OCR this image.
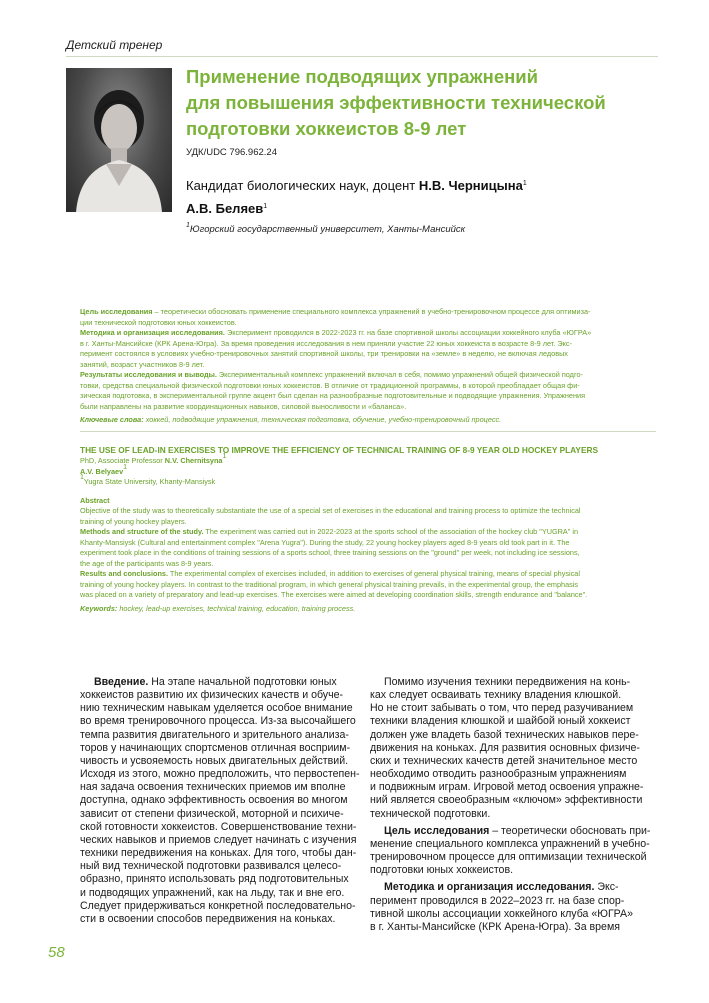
Детский тренер
Применение подводящих упражнений
для повышения эффективности технической
подготовки хоккеистов 8-9 лет
УДК/UDC 796.962.24
Кандидат биологических наук, доцент Н.В. Черницына$^1$
А.В. Беляев$^1$
$^1$Югорский государственный университет, Ханты-Мансийск
Цель исследования – теоретически обосновать применение специального комплекса упражнений в учебно-тренировочном процессе для оптимиза-
ции технической подготовки юных хоккеистов.
Методика и организация исследования. Эксперимент проводился в 2022-2023 гг. на базе спортивной школы ассоциации хоккейного клуба «ЮГРА»
в г. Ханты-Мансийске (КРК Арена-Югра). За время проведения исследования в нем приняли участие 22 юных хоккеиста в возрасте 8-9 лет. Экс-
перимент состоялся в условиях учебно-тренировочных занятий спортивной школы, три тренировки на «земле» в неделю, не включая ледовых
занятий, возраст участников 8-9 лет.
Результаты исследования и выводы. Экспериментальный комплекс упражнений включал в себя, помимо упражнений общей физической подго-
товки, средства специальной физической подготовки юных хоккеистов. В отличие от традиционной программы, в которой преобладает общая фи-
зическая подготовка, в экспериментальной группе акцент был сделан на разнообразные подготовительные и подводящие упражнения. Упражнения
были направлены на развитие координационных навыков, силовой выносливости и «баланса».
Ключевые слова: хоккей, подводящие упражнения, техническая подготовка, обучение, учебно-тренировочный процесс.
THE USE OF LEAD-IN EXERCISES TO IMPROVE THE EFFICIENCY OF TECHNICAL TRAINING OF 8-9 YEAR OLD HOCKEY PLAYERS
PhD, Associate Professor N.V. Chernitsyna$^1$
A.V. Belyaev$^1$
$^1$Yugra State University, Khanty-Mansiysk
Abstract
Objective of the study was to theoretically substantiate the use of a special set of exercises in the educational and training process to optimize the technical
training of young hockey players.
Methods and structure of the study. The experiment was carried out in 2022-2023 at the sports school of the association of the hockey club "YUGRA" in
Khanty-Mansiysk (Cultural and entertainment complex "Arena Yugra"). During the study, 22 young hockey players aged 8-9 years old took part in it. The
experiment took place in the conditions of training sessions of a sports school, three training sessions on the "ground" per week, not including ice sessions,
the age of the participants was 8-9 years.
Results and conclusions. The experimental complex of exercises included, in addition to exercises of general physical training, means of special physical
training of young hockey players. In contrast to the traditional program, in which general physical training prevails, in the experimental group, the emphasis
was placed on a variety of preparatory and lead-up exercises. The exercises were aimed at developing coordination skills, strength endurance and "balance".
Keywords: hockey, lead-up exercises, technical training, education, training process.
Введение. На этапе начальной подготовки юных
хоккеистов развитию их физических качеств и обуче-
нию техническим навыкам уделяется особое внимание
во время тренировочного процесса. Из-за высочайшего
темпа развития двигательного и зрительного анализа-
торов у начинающих спортсменов отличная восприим-
чивость и усвояемость новых двигательных действий.
Исходя из этого, можно предположить, что первостепен-
ная задача освоения технических приемов им вполне
доступна, однако эффективность освоения во многом
зависит от степени физической, моторной и психиче-
ской готовности хоккеистов. Совершенствование техни-
ческих навыков и приемов следует начинать с изучения
техники передвижения на коньках. Для того, чтобы дан-
ный вид технической подготовки развивался целесо-
образно, принято использовать ряд подготовительных
и подводящих упражнений, как на льду, так и вне его.
Следует придерживаться конкретной последовательно-
сти в освоении способов передвижения на коньках.
Помимо изучения техники передвижения на конь-
ках следует осваивать технику владения клюшкой.
Но не стоит забывать о том, что перед разучиванием
техники владения клюшкой и шайбой юный хоккеист
должен уже владеть базой технических навыков пере-
движения на коньках. Для развития основных физиче-
ских и технических качеств детей значительное место
необходимо отводить разнообразным упражнениям
и подвижным играм. Игровой метод освоения упражне-
ний является своеобразным «ключом» эффективности
технической подготовки.
Цель исследования – теоретически обосновать при-
менение специального комплекса упражнений в учебно-
тренировочном процессе для оптимизации технической
подготовки юных хоккеистов.
Методика и организация исследования. Экс-
перимент проводился в 2022–2023 гг. на базе спор-
тивной школы ассоциации хоккейного клуба «ЮГРА»
в г. Ханты-Мансийске (КРК Арена-Югра). За время
58
